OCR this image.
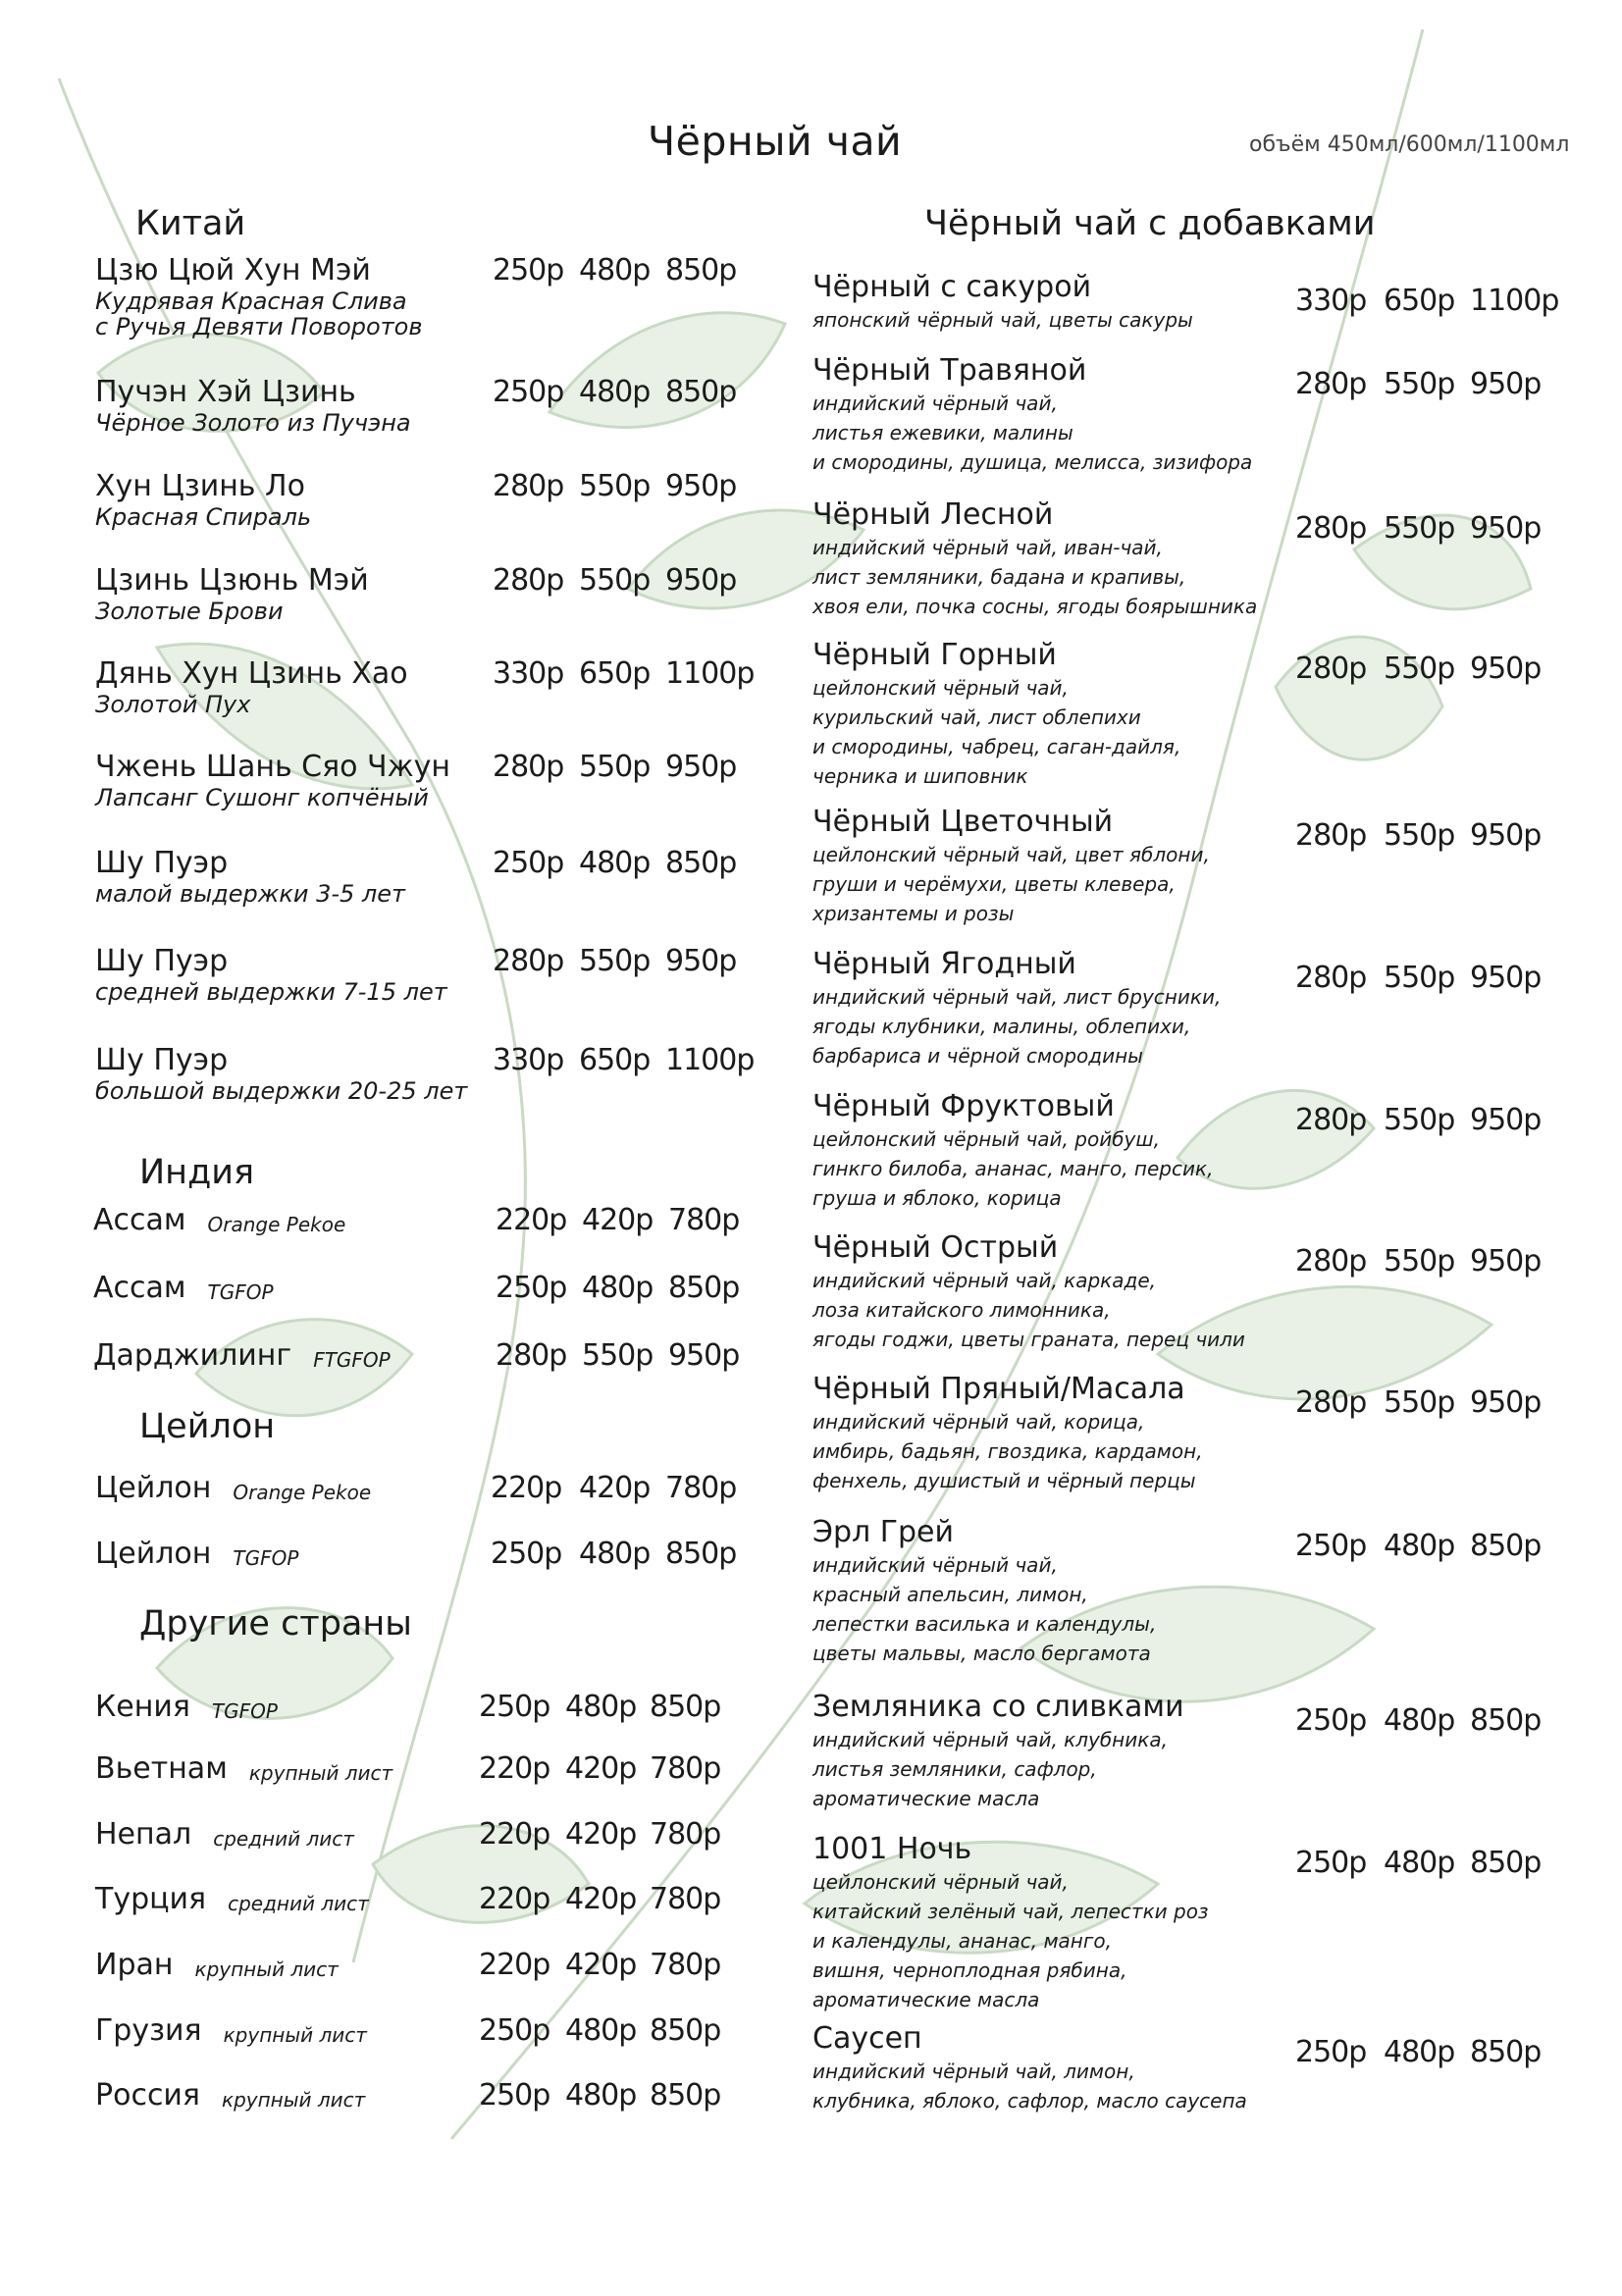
Чёрный чай	объём 450мл/600мл/1100мл
Китай
Цзю Цюй Хун Мэй
Кудрявая Красная Слива
с Ручья Девяти Поворотов
250р 480р 850р
Пучэн Хэй Цзинь
Чёрное Золото из Пучэна
250р 480р 850р
Хун Цзинь Ло
Красная Спираль
280р 550р 950р
Цзинь Цзюнь Мэй
Золотые Брови
280р 550р 950р
Дянь Хун Цзинь Хао
Золотой Пух
330р 650р 1100р
Чжень Шань Сяо Чжун
Лапсанг Сушонг копчёный
280р 550р 950р
Шу Пуэр
малой выдержки 3-5 лет
250р 480р 850р
Шу Пуэр
средней выдержки 7-15 лет
280р 550р 950р
Шу Пуэр
большой выдержки 20-25 лет
330р 650р 1100р
Индия
Ассам Orange Pekoe	220р 420р 780р
Ассам TGFOP	250р 480р 850р
Дарджилинг FTGFOP	280р 550р 950р
Цейлон
Цейлон Orange Pekoe	220р 420р 780р
Цейлон TGFOP	250р 480р 850р
Другие страны
Кения TGFOP	250р 480р 850р
Вьетнам крупный лист	220р 420р 780р
Непал средний лист	220р 420р 780р
Турция средний лист	220р 420р 780р
Иран крупный лист	220р 420р 780р
Грузия крупный лист	250р 480р 850р
Россия крупный лист	250р 480р 850р
Чёрный чай с добавками
Чёрный с сакурой
японский чёрный чай, цветы сакуры
330р 650р 1100р
Чёрный Травяной
индийский чёрный чай,
листья ежевики, малины
и смородины, душица, мелисса, зизифора
280р 550р 950р
Чёрный Лесной
индийский чёрный чай, иван-чай,
лист земляники, бадана и крапивы,
хвоя ели, почка сосны, ягоды боярышника
280р 550р 950р
Чёрный Горный
цейлонский чёрный чай,
курильский чай, лист облепихи
и смородины, чабрец, саган-дайля,
черника и шиповник
280р 550р 950р
Чёрный Цветочный
цейлонский чёрный чай, цвет яблони,
груши и черёмухи, цветы клевера,
хризантемы и розы
280р 550р 950р
Чёрный Ягодный
индийский чёрный чай, лист брусники,
ягоды клубники, малины, облепихи,
барбариса и чёрной смородины
280р 550р 950р
Чёрный Фруктовый
цейлонский чёрный чай, ройбуш,
гинкго билоба, ананас, манго, персик,
груша и яблоко, корица
280р 550р 950р
Чёрный Острый
индийский чёрный чай, каркаде,
лоза китайского лимонника,
ягоды годжи, цветы граната, перец чили
280р 550р 950р
Чёрный Пряный/Масала
индийский чёрный чай, корица,
имбирь, бадьян, гвоздика, кардамон,
фенхель, душистый и чёрный перцы
280р 550р 950р
Эрл Грей
индийский чёрный чай,
красный апельсин, лимон,
лепестки василька и календулы,
цветы мальвы, масло бергамота
250р 480р 850р
Земляника со сливками
индийский чёрный чай, клубника,
листья земляники, сафлор,
ароматические масла
250р 480р 850р
1001 Ночь
цейлонский чёрный чай,
китайский зелёный чай, лепестки роз
и календулы, ананас, манго,
вишня, черноплодная рябина,
ароматические масла
250р 480р 850р
Саусеп
индийский чёрный чай, лимон,
клубника, яблоко, сафлор, масло саусепа
250р 480р 850р
